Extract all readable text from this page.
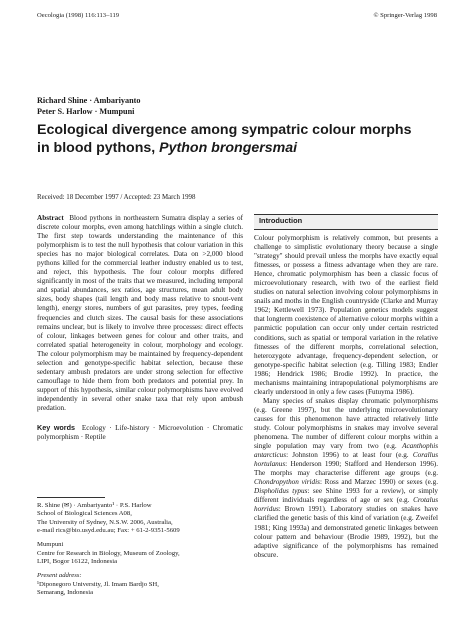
Oecologia (1998) 116:113–119	© Springer-Verlag 1998
Richard Shine · Ambariyanto
Peter S. Harlow · Mumpuni
Ecological divergence among sympatric colour morphs
in blood pythons, Python brongersmai
Received: 18 December 1997 / Accepted: 23 March 1998

Abstract Blood pythons in northeastern Sumatra display a series of discrete colour morphs, even among hatchlings within a single clutch. The first step towards understanding the maintenance of this polymorphism is to test the null hypothesis that colour variation in this species has no major biological correlates. Data on >2,000 blood pythons killed for the commercial leather industry enabled us to test, and reject, this hypothesis. The four colour morphs differed significantly in most of the traits that we measured, including temporal and spatial abundances, sex ratios, age structures, mean adult body sizes, body shapes (tail length and body mass relative to snout-vent length), energy stores, numbers of gut parasites, prey types, feeding frequencies and clutch sizes. The causal basis for these associations remains unclear, but is likely to involve three processes: direct effects of colour, linkages between genes for colour and other traits, and correlated spatial heterogeneity in colour, morphology and ecology. The colour polymorphism may be maintained by frequency-dependent selection and genotype-specific habitat selection, because these sedentary ambush predators are under strong selection for effective camouflage to hide them from both predators and potential prey. In support of this hypothesis, similar colour polymorphisms have evolved independently in several other snake taxa that rely upon ambush predation.

Key words Ecology · Life-history · Microevolution · Chromatic polymorphism · Reptile

R. Shine (✉) · Ambariyanto¹ · P.S. Harlow
School of Biological Sciences A08,
The University of Sydney, N.S.W. 2006, Australia,
e-mail rics@bio.usyd.edu.au; Fax: + 61-2-9351-5609
Mumpuni
Centre for Research in Biology, Museum of Zoology,
LIPI, Bogor 16122, Indonesia
Present address:
¹Diponegoro University, Jl. Imam Bardjo SH,
Semarang, Indonesia
Introduction

Colour polymorphism is relatively common, but presents a challenge to simplistic evolutionary theory because a single "strategy" should prevail unless the morphs have exactly equal fitnesses, or possess a fitness advantage when they are rare. Hence, chromatic polymorphism has been a classic focus of microevolutionary research, with two of the earliest field studies on natural selection involving colour polymorphisms in snails and moths in the English countryside (Clarke and Murray 1962; Kettlewell 1973). Population genetics models suggest that longterm coexistence of alternative colour morphs within a panmictic population can occur only under certain restricted conditions, such as spatial or temporal variation in the relative fitnesses of the different morphs, correlational selection, heterozygote advantage, frequency-dependent selection, or genotype-specific habitat selection (e.g. Tilling 1983; Endler 1986; Hendrick 1986; Brodie 1992). In practice, the mechanisms maintaining intrapopulational polymorphisms are clearly understood in only a few cases (Futuyma 1986).

Many species of snakes display chromatic polymorphisms (e.g. Greene 1997), but the underlying microevolutionary causes for this phenomenon have attracted relatively little study. Colour polymorphisms in snakes may involve several phenomena. The number of different colour morphs within a single population may vary from two (e.g. Acanthophis antarcticus: Johnston 1996) to at least four (e.g. Corallus hortulanus: Henderson 1990; Stafford and Henderson 1996). The morphs may characterise different age groups (e.g. Chondropython viridis: Ross and Marzec 1990) or sexes (e.g. Dispholidus typus: see Shine 1993 for a review), or simply different individuals regardless of age or sex (e.g. Crotalus horridus: Brown 1991). Laboratory studies on snakes have clarified the genetic basis of this kind of variation (e.g. Zweifel 1981; King 1993a) and demonstrated genetic linkages between colour pattern and behaviour (Brodie 1989, 1992), but the adaptive significance of the polymorphisms has remained obscure.
